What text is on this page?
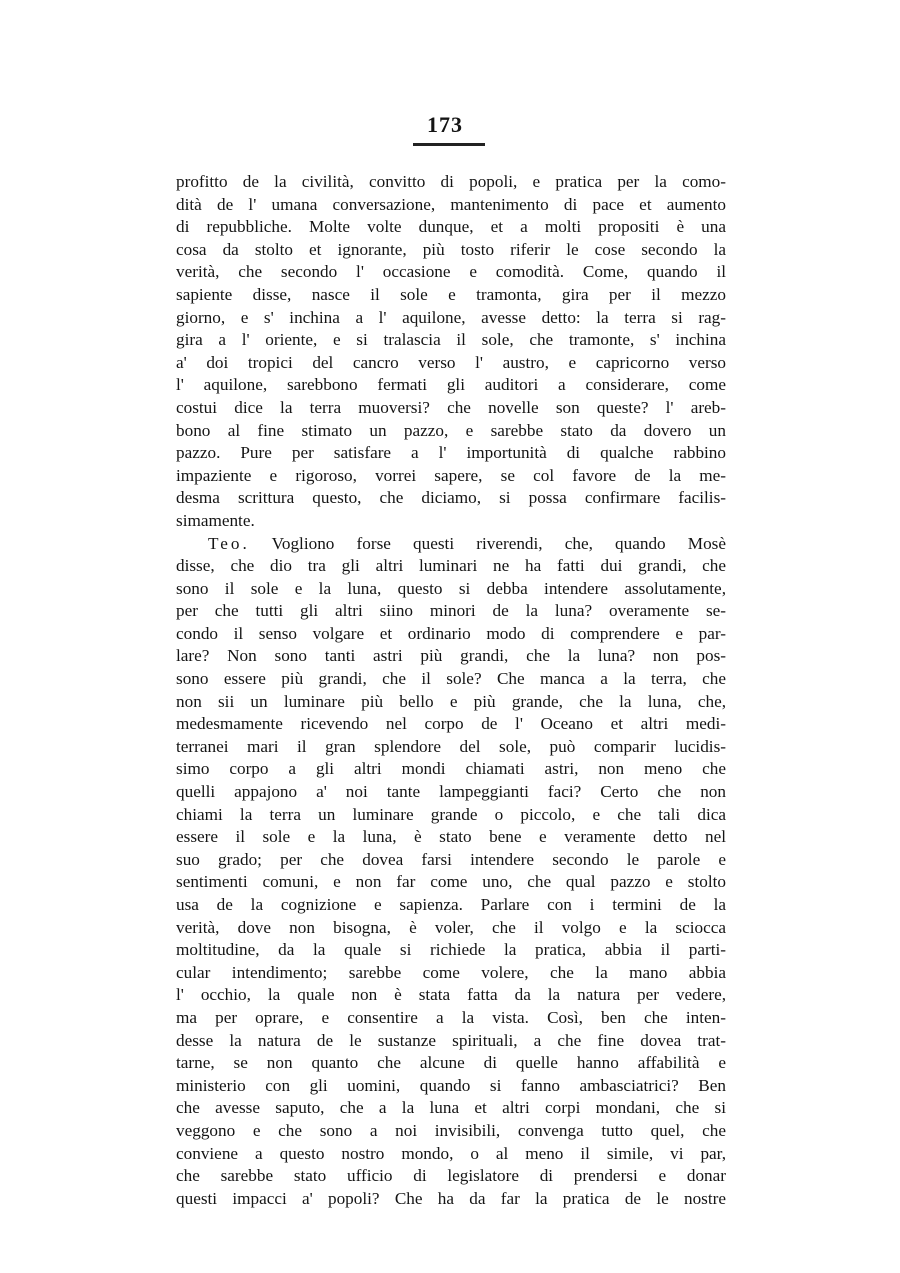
173
profitto de la civilità, convitto di popoli, e pratica per la como-
dità de l' umana conversazione, mantenimento di pace et aumento
di repubbliche. Molte volte dunque, et a molti propositi è una
cosa da stolto et ignorante, più tosto riferir le cose secondo la
verità, che secondo l' occasione e comodità. Come, quando il
sapiente disse, nasce il sole e tramonta, gira per il mezzo
giorno, e s' inchina a l' aquilone, avesse detto: la terra si rag-
gira a l' oriente, e si tralascia il sole, che tramonte, s' inchina
a' doi tropici del cancro verso l' austro, e capricorno verso
l' aquilone, sarebbono fermati gli auditori a considerare, come
costui dice la terra muoversi? che novelle son queste? l' areb-
bono al fine stimato un pazzo, e sarebbe stato da dovero un
pazzo. Pure per satisfare a l' importunità di qualche rabbino
impaziente e rigoroso, vorrei sapere, se col favore de la me-
desma scrittura questo, che diciamo, si possa confirmare facilis-
simamente.
Teo. Vogliono forse questi riverendi, che, quando Mosè
disse, che dio tra gli altri luminari ne ha fatti dui grandi, che
sono il sole e la luna, questo si debba intendere assolutamente,
per che tutti gli altri siino minori de la luna? overamente se-
condo il senso volgare et ordinario modo di comprendere e par-
lare? Non sono tanti astri più grandi, che la luna? non pos-
sono essere più grandi, che il sole? Che manca a la terra, che
non sii un luminare più bello e più grande, che la luna, che,
medesmamente ricevendo nel corpo de l' Oceano et altri medi-
terranei mari il gran splendore del sole, può comparir lucidis-
simo corpo a gli altri mondi chiamati astri, non meno che
quelli appajono a' noi tante lampeggianti faci? Certo che non
chiami la terra un luminare grande o piccolo, e che tali dica
essere il sole e la luna, è stato bene e veramente detto nel
suo grado; per che dovea farsi intendere secondo le parole e
sentimenti comuni, e non far come uno, che qual pazzo e stolto
usa de la cognizione e sapienza. Parlare con i termini de la
verità, dove non bisogna, è voler, che il volgo e la sciocca
moltitudine, da la quale si richiede la pratica, abbia il parti-
cular intendimento; sarebbe come volere, che la mano abbia
l' occhio, la quale non è stata fatta da la natura per vedere,
ma per oprare, e consentire a la vista. Così, ben che inten-
desse la natura de le sustanze spirituali, a che fine dovea trat-
tarne, se non quanto che alcune di quelle hanno affabilità e
ministerio con gli uomini, quando si fanno ambasciatrici? Ben
che avesse saputo, che a la luna et altri corpi mondani, che si
veggono e che sono a noi invisibili, convenga tutto quel, che
conviene a questo nostro mondo, o al meno il simile, vi par,
che sarebbe stato ufficio di legislatore di prendersi e donar
questi impacci a' popoli? Che ha da far la pratica de le nostre
